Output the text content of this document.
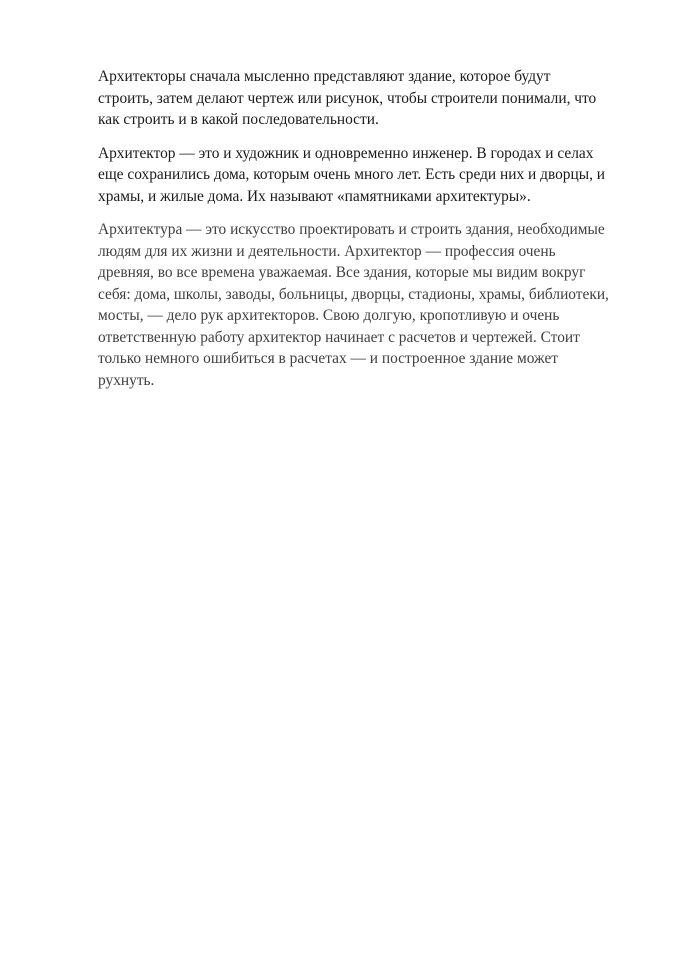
Архитекторы сначала мысленно представляют здание, которое будут
строить, затем делают чертеж или рисунок, чтобы строители понимали, что
как строить и в какой последовательности.

Архитектор — это и художник и одновременно инженер. В городах и селах
еще сохранились дома, которым очень много лет. Есть среди них и дворцы, и
храмы, и жилые дома. Их называют «памятниками архитектуры».

Архитектура — это искусство проектировать и строить здания, необходимые
людям для их жизни и деятельности. Архитектор — профессия очень
древняя, во все времена уважаемая. Все здания, которые мы видим вокруг
себя: дома, школы, заводы, больницы, дворцы, стадионы, храмы, библиотеки,
мосты, — дело рук архитекторов. Свою долгую, кропотливую и очень
ответственную работу архитектор начинает с расчетов и чертежей. Стоит
только немного ошибиться в расчетах — и построенное здание может
рухнуть.
